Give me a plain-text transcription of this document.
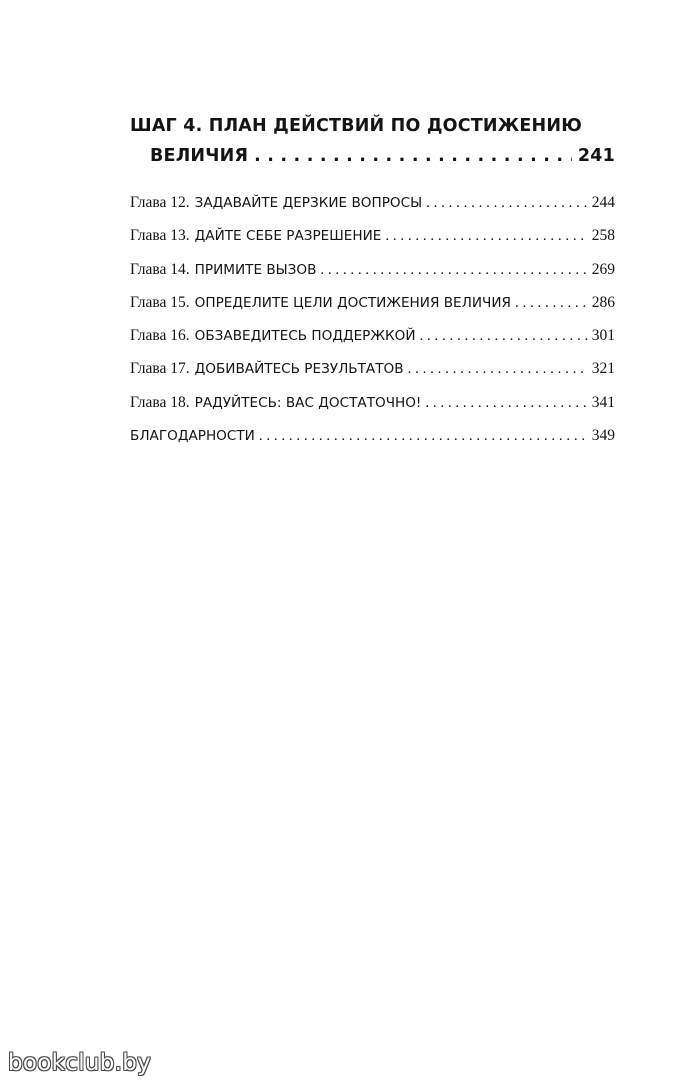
ШАГ 4. ПЛАН ДЕЙСТВИЙ ПО ДОСТИЖЕНИЮ
ВЕЛИЧИЯ . . .	241
Глава 12. ЗАДАВАЙТЕ ДЕРЗКИЕ ВОПРОСЫ . . .	244
Глава 13. ДАЙТЕ СЕБЕ РАЗРЕШЕНИЕ . . .	258
Глава 14. ПРИМИТЕ ВЫЗОВ . . .	269
Глава 15. ОПРЕДЕЛИТЕ ЦЕЛИ ДОСТИЖЕНИЯ ВЕЛИЧИЯ . . .	286
Глава 16. ОБЗАВЕДИТЕСЬ ПОДДЕРЖКОЙ . . .	301
Глава 17. ДОБИВАЙТЕСЬ РЕЗУЛЬТАТОВ . . .	321
Глава 18. РАДУЙТЕСЬ: ВАС ДОСТАТОЧНО! . . .	341
БЛАГОДАРНОСТИ . . .	349
bookclub.by
